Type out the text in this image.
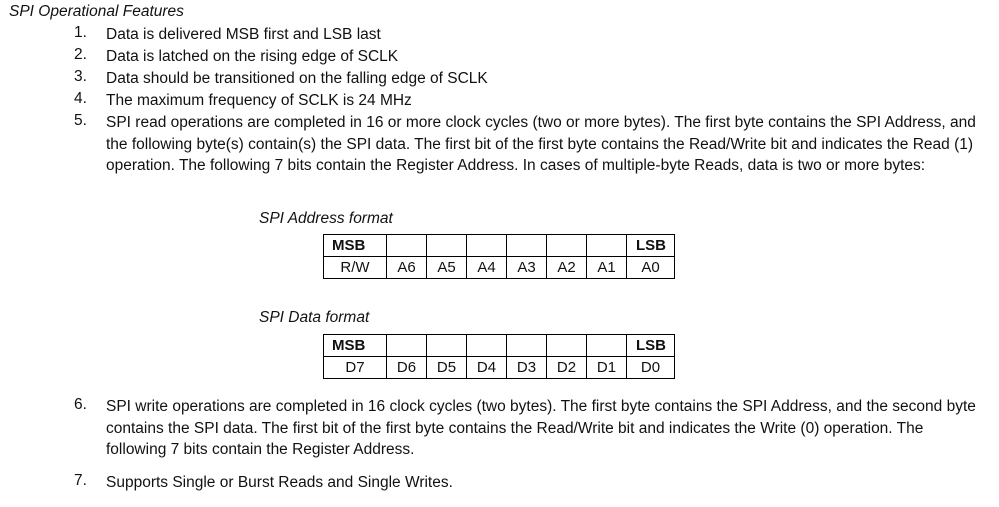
SPI Operational Features
1.	Data is delivered MSB first and LSB last
2.	Data is latched on the rising edge of SCLK
3.	Data should be transitioned on the falling edge of SCLK
4.	The maximum frequency of SCLK is 24 MHz
5.	SPI read operations are completed in 16 or more clock cycles (two or more bytes). The first byte contains the SPI Address, and the following byte(s) contain(s) the SPI data. The first bit of the first byte contains the Read/Write bit and indicates the Read (1) operation. The following 7 bits contain the Register Address. In cases of multiple-byte Reads, data is two or more bytes:
SPI Address format
MSB							LSB
R/W	A6	A5	A4	A3	A2	A1	A0
SPI Data format
MSB							LSB
D7	D6	D5	D4	D3	D2	D1	D0
6.	SPI write operations are completed in 16 clock cycles (two bytes). The first byte contains the SPI Address, and the second byte contains the SPI data. The first bit of the first byte contains the Read/Write bit and indicates the Write (0) operation. The following 7 bits contain the Register Address.
7.	Supports Single or Burst Reads and Single Writes.
